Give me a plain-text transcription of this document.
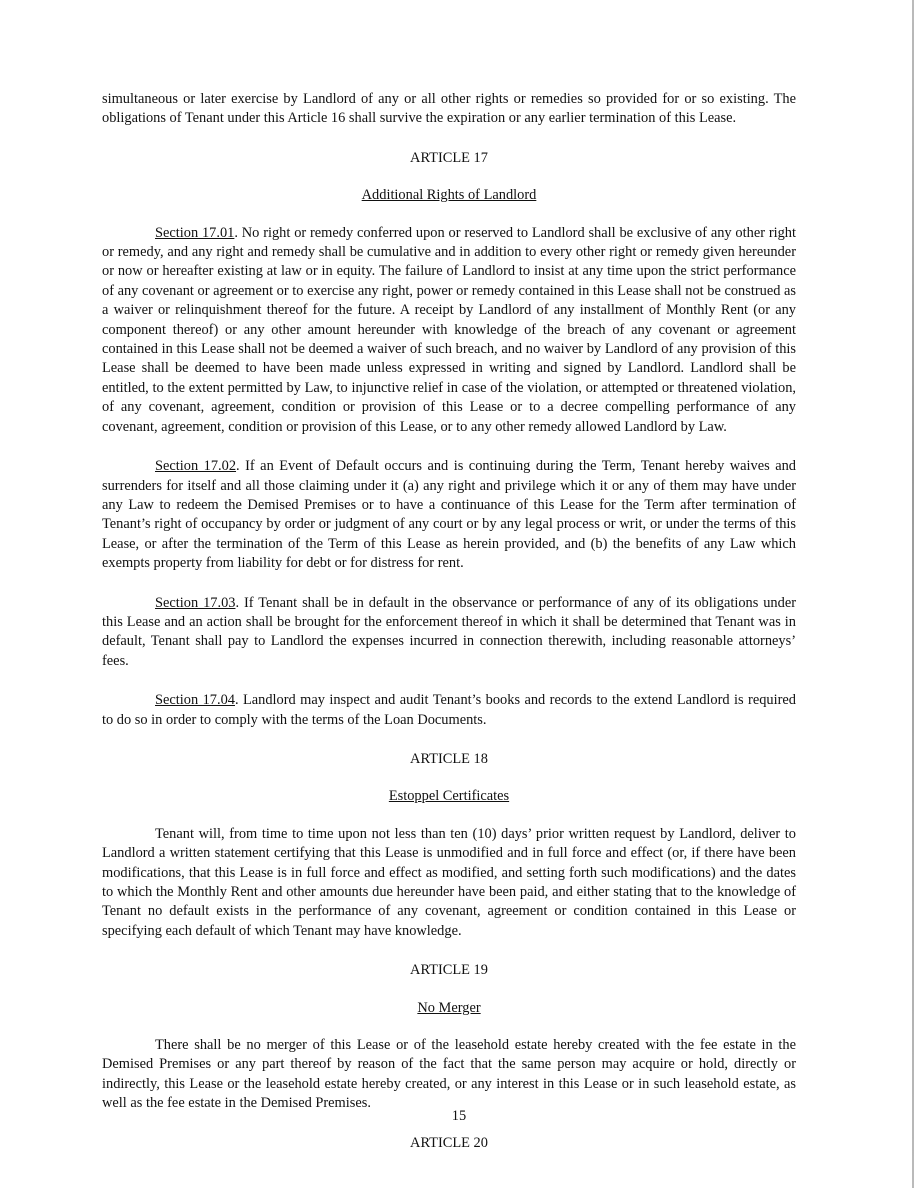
simultaneous or later exercise by Landlord of any or all other rights or remedies so provided for or so existing. The obligations of Tenant under this Article 16 shall survive the expiration or any earlier termination of this Lease.

ARTICLE 17

Additional Rights of Landlord

Section 17.01. No right or remedy conferred upon or reserved to Landlord shall be exclusive of any other right or remedy, and any right and remedy shall be cumulative and in addition to every other right or remedy given hereunder or now or hereafter existing at law or in equity. The failure of Landlord to insist at any time upon the strict performance of any covenant or agreement or to exercise any right, power or remedy contained in this Lease shall not be construed as a waiver or relinquishment thereof for the future. A receipt by Landlord of any installment of Monthly Rent (or any component thereof) or any other amount hereunder with knowledge of the breach of any covenant or agreement contained in this Lease shall not be deemed a waiver of such breach, and no waiver by Landlord of any provision of this Lease shall be deemed to have been made unless expressed in writing and signed by Landlord. Landlord shall be entitled, to the extent permitted by Law, to injunctive relief in case of the violation, or attempted or threatened violation, of any covenant, agreement, condition or provision of this Lease or to a decree compelling performance of any covenant, agreement, condition or provision of this Lease, or to any other remedy allowed Landlord by Law.

Section 17.02. If an Event of Default occurs and is continuing during the Term, Tenant hereby waives and surrenders for itself and all those claiming under it (a) any right and privilege which it or any of them may have under any Law to redeem the Demised Premises or to have a continuance of this Lease for the Term after termination of Tenant’s right of occupancy by order or judgment of any court or by any legal process or writ, or under the terms of this Lease, or after the termination of the Term of this Lease as herein provided, and (b) the benefits of any Law which exempts property from liability for debt or for distress for rent.

Section 17.03. If Tenant shall be in default in the observance or performance of any of its obligations under this Lease and an action shall be brought for the enforcement thereof in which it shall be determined that Tenant was in default, Tenant shall pay to Landlord the expenses incurred in connection therewith, including reasonable attorneys’ fees.

Section 17.04. Landlord may inspect and audit Tenant’s books and records to the extend Landlord is required to do so in order to comply with the terms of the Loan Documents.

ARTICLE 18

Estoppel Certificates

Tenant will, from time to time upon not less than ten (10) days’ prior written request by Landlord, deliver to Landlord a written statement certifying that this Lease is unmodified and in full force and effect (or, if there have been modifications, that this Lease is in full force and effect as modified, and setting forth such modifications) and the dates to which the Monthly Rent and other amounts due hereunder have been paid, and either stating that to the knowledge of Tenant no default exists in the performance of any covenant, agreement or condition contained in this Lease or specifying each default of which Tenant may have knowledge.

ARTICLE 19

No Merger

There shall be no merger of this Lease or of the leasehold estate hereby created with the fee estate in the Demised Premises or any part thereof by reason of the fact that the same person may acquire or hold, directly or indirectly, this Lease or the leasehold estate hereby created, or any interest in this Lease or in such leasehold estate, as well as the fee estate in the Demised Premises.

ARTICLE 20

15
